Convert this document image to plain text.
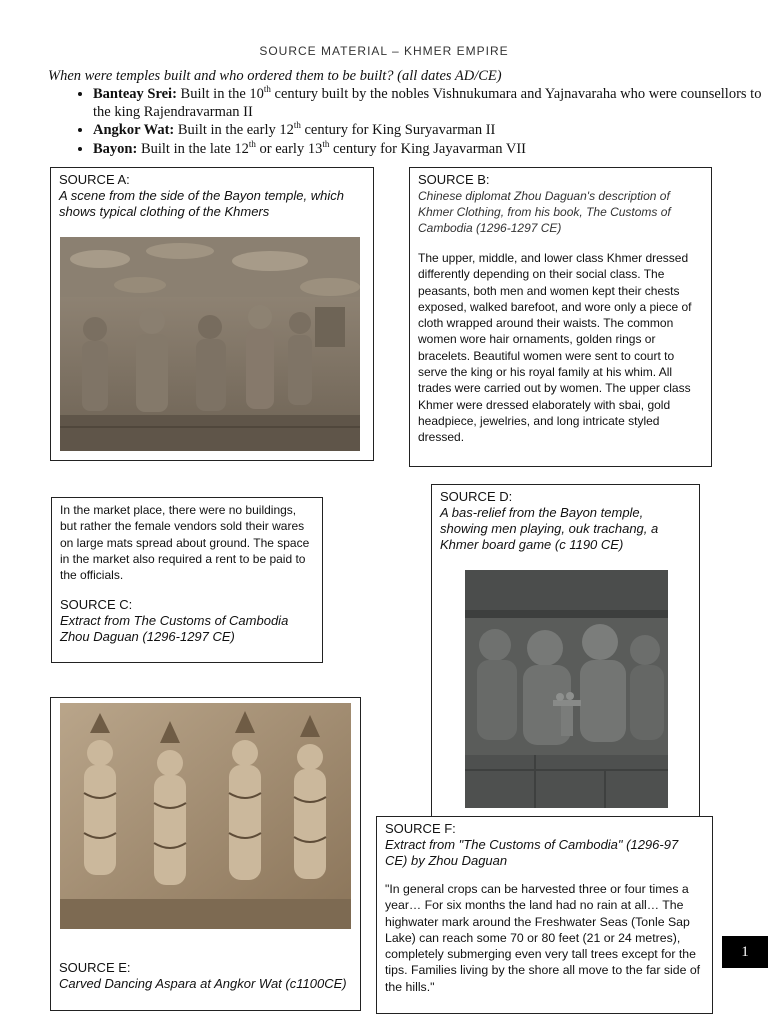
SOURCE MATERIAL – KHMER EMPIRE
When were temples built and who ordered them to be built? (all dates AD/CE)
• Banteay Srei: Built in the 10th century built by the nobles Vishnukumara and Yajnavaraha who were counsellors to the king Rajendravarman II
• Angkor Wat: Built in the early 12th century for King Suryavarman II
• Bayon: Built in the late 12th or early 13th century for King Jayavarman VII
SOURCE A:
A scene from the side of the Bayon temple, which shows typical clothing of the Khmers
SOURCE B:
Chinese diplomat Zhou Daguan's description of Khmer Clothing, from his book, The Customs of Cambodia (1296-1297 CE)
The upper, middle, and lower class Khmer dressed differently depending on their social class. The peasants, both men and women kept their chests exposed, walked barefoot, and wore only a piece of cloth wrapped around their waists. The common women wore hair ornaments, golden rings or bracelets. Beautiful women were sent to court to serve the king or his royal family at his whim. All trades were carried out by women. The upper class Khmer were dressed elaborately with sbai, gold headpiece, jewelries, and long intricate styled dressed.
In the market place, there were no buildings, but rather the female vendors sold their wares on large mats spread about ground. The space in the market also required a rent to be paid to the officials.
SOURCE C:
Extract from The Customs of Cambodia Zhou Daguan (1296-1297 CE)
SOURCE D:
A bas-relief from the Bayon temple, showing men playing, ouk trachang, a Khmer board game (c 1190 CE)
SOURCE E:
Carved Dancing Aspara at Angkor Wat (c1100CE)
SOURCE F:
Extract from "The Customs of Cambodia" (1296-97 CE) by Zhou Daguan
"In general crops can be harvested three or four times a year… For six months the land had no rain at all… The highwater mark around the Freshwater Seas (Tonle Sap Lake) can reach some 70 or 80 feet (21 or 24 metres), completely submerging even very tall trees except for the tips. Families living by the shore all move to the far side of the hills."
1
